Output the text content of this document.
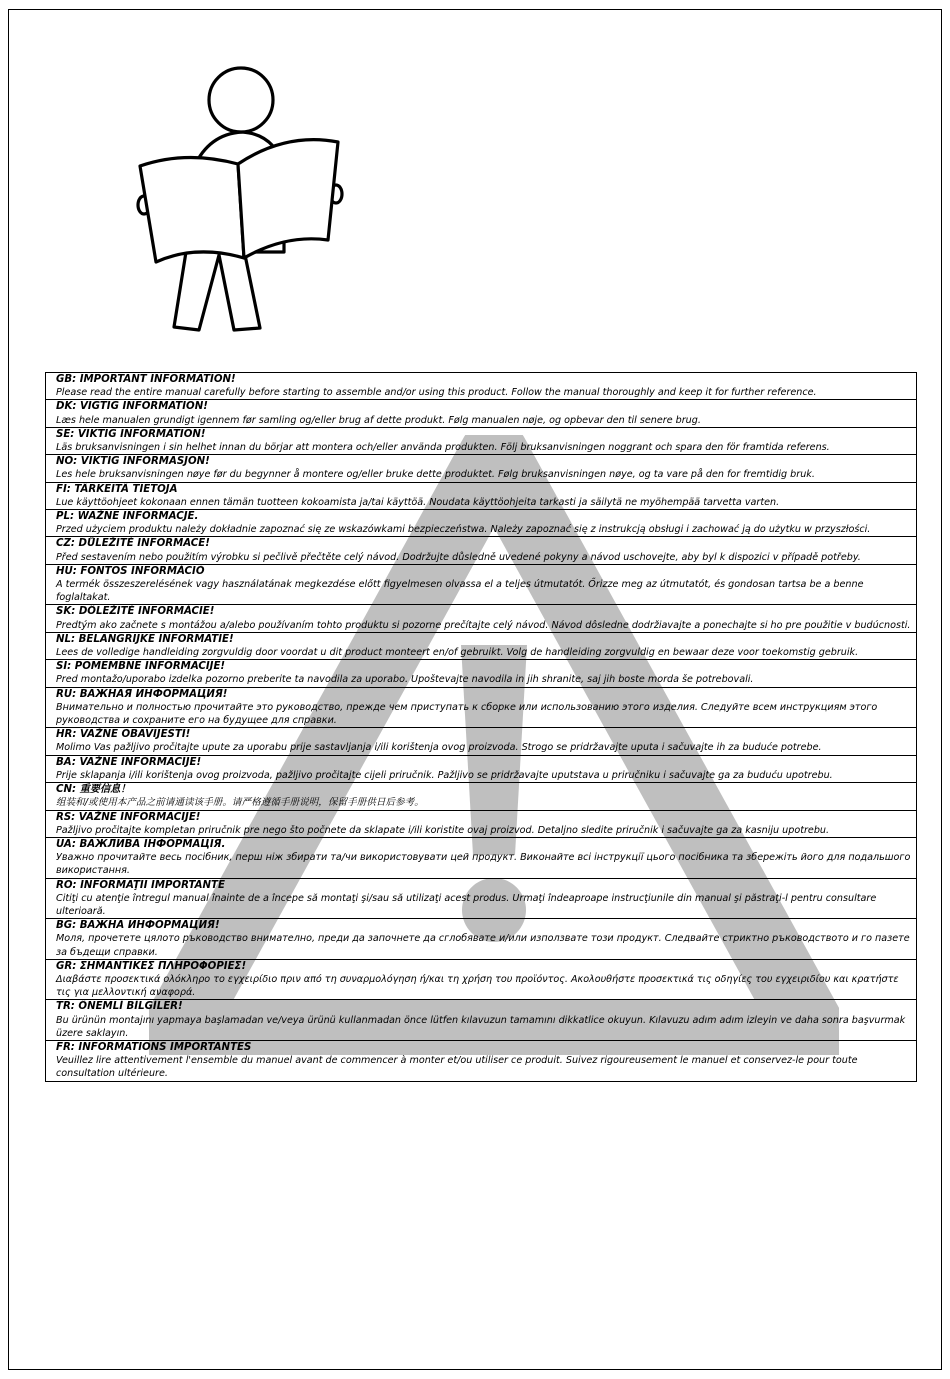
GB: IMPORTANT INFORMATION!
Please read the entire manual carefully before starting to assemble and/or using this product. Follow the manual thoroughly and keep it for further reference.
DK: VIGTIG INFORMATION!
Læs hele manualen grundigt igennem før samling og/eller brug af dette produkt. Følg manualen nøje, og opbevar den til senere brug.
SE: VIKTIG INFORMATION!
Läs bruksanvisningen i sin helhet innan du börjar att montera och/eller använda produkten. Följ bruksanvisningen noggrant och spara den för framtida referens.
NO: VIKTIG INFORMASJON!
Les hele bruksanvisningen nøye før du begynner å montere og/eller bruke dette produktet. Følg bruksanvisningen nøye, og ta vare på den for fremtidig bruk.
FI: TÄRKEITÄ TIETOJA
Lue käyttöohjeet kokonaan ennen tämän tuotteen kokoamista ja/tai käyttöä. Noudata käyttöohjeita tarkasti ja säilytä ne myöhempää tarvetta varten.
PL: WAŻNE INFORMACJE.
Przed użyciem produktu należy dokładnie zapoznać się ze wskazówkami bezpieczeństwa. Należy zapoznać się z instrukcją obsługi i zachować ją do użytku w przyszłości.
CZ: DŮLEŽITÉ INFORMACE!
Před sestavením nebo použitím výrobku si pečlivě přečtěte celý návod. Dodržujte důsledně uvedené pokyny a návod uschovejte, aby byl k dispozici v případě potřeby.
HU: FONTOS INFORMÁCIÓ
A termék összeszerelésének vagy használatának megkezdése előtt figyelmesen olvassa el a teljes útmutatót. Őrizze meg az útmutatót, és gondosan tartsa be a benne foglaltakat.
SK: DÔLEŽITÉ INFORMÁCIE!
Predtým ako začnete s montážou a/alebo používaním tohto produktu si pozorne prečítajte celý návod. Návod dôsledne dodržiavajte a ponechajte si ho pre použitie v budúcnosti.
NL: BELANGRIJKE INFORMATIE!
Lees de volledige handleiding zorgvuldig door voordat u dit product monteert en/of gebruikt. Volg de handleiding zorgvuldig en bewaar deze voor toekomstig gebruik.
SI: POMEMBNE INFORMACIJE!
Pred montažo/uporabo izdelka pozorno preberite ta navodila za uporabo. Upoštevajte navodila in jih shranite, saj jih boste morda še potrebovali.
RU: ВАЖНАЯ ИНФОРМАЦИЯ!
Внимательно и полностью прочитайте это руководство, прежде чем приступать к сборке или использованию этого изделия. Следуйте всем инструкциям этого руководства и сохраните его на будущее для справки.
HR: VAŽNE OBAVIJESTI!
Molimo Vas pažljivo pročitajte upute za uporabu prije sastavljanja i/ili korištenja ovog proizvoda. Strogo se pridržavajte uputa i sačuvajte ih za buduće potrebe.
BA: VAŽNE INFORMACIJE!
Prije sklapanja i/ili korištenja ovog proizvoda, pažljivo pročitajte cijeli priručnik. Pažljivo se pridržavajte uputstava u priručniku i sačuvajte ga za buduću upotrebu.
CN: 重要信息！
组装和/或使用本产品之前请通读该手册。请严格遵循手册说明，保留手册供日后参考。
RS: VAŽNE INFORMACIJE!
Pažljivo pročitajte kompletan priručnik pre nego što počnete da sklapate i/ili koristite ovaj proizvod. Detaljno sledite priručnik i sačuvajte ga za kasniju upotrebu.
UA: ВАЖЛИВА ІНФОРМАЦІЯ.
Уважно прочитайте весь посібник, перш ніж збирати та/чи використовувати цей продукт. Виконайте всі інструкції цього посібника та збережіть його для подальшого використання.
RO: INFORMAŢII IMPORTANTE
Citiţi cu atenţie întregul manual înainte de a începe să montaţi şi/sau să utilizaţi acest produs. Urmaţi îndeaproape instrucţiunile din manual şi păstraţi-l pentru consultare ulterioară.
BG: ВАЖНА ИНФОРМАЦИЯ!
Моля, прочетете цялото ръководство внимателно, преди да започнете да сглобявате и/или използвате този продукт. Следвайте стриктно ръководството и го пазете за бъдещи справки.
GR: ΣΗΜΑΝΤΙΚΕΣ ΠΛΗΡΟΦΟΡΙΕΣ!
Διαβάστε προσεκτικά ολόκληρο το εγχειρίδιο πριν από τη συναρμολόγηση ή/και τη χρήση του προϊόντος. Ακολουθήστε προσεκτικά τις οδηγίες του εγχειριδίου και κρατήστε τις για μελλοντική αναφορά.
TR: ÖNEMLİ BİLGİLER!
Bu ürünün montajını yapmaya başlamadan ve/veya ürünü kullanmadan önce lütfen kılavuzun tamamını dikkatlice okuyun. Kılavuzu adım adım izleyin ve daha sonra başvurmak üzere saklayın.
FR: INFORMATIONS IMPORTANTES
Veuillez lire attentivement l'ensemble du manuel avant de commencer à monter et/ou utiliser ce produit. Suivez rigoureusement le manuel et conservez-le pour toute consultation ultérieure.
